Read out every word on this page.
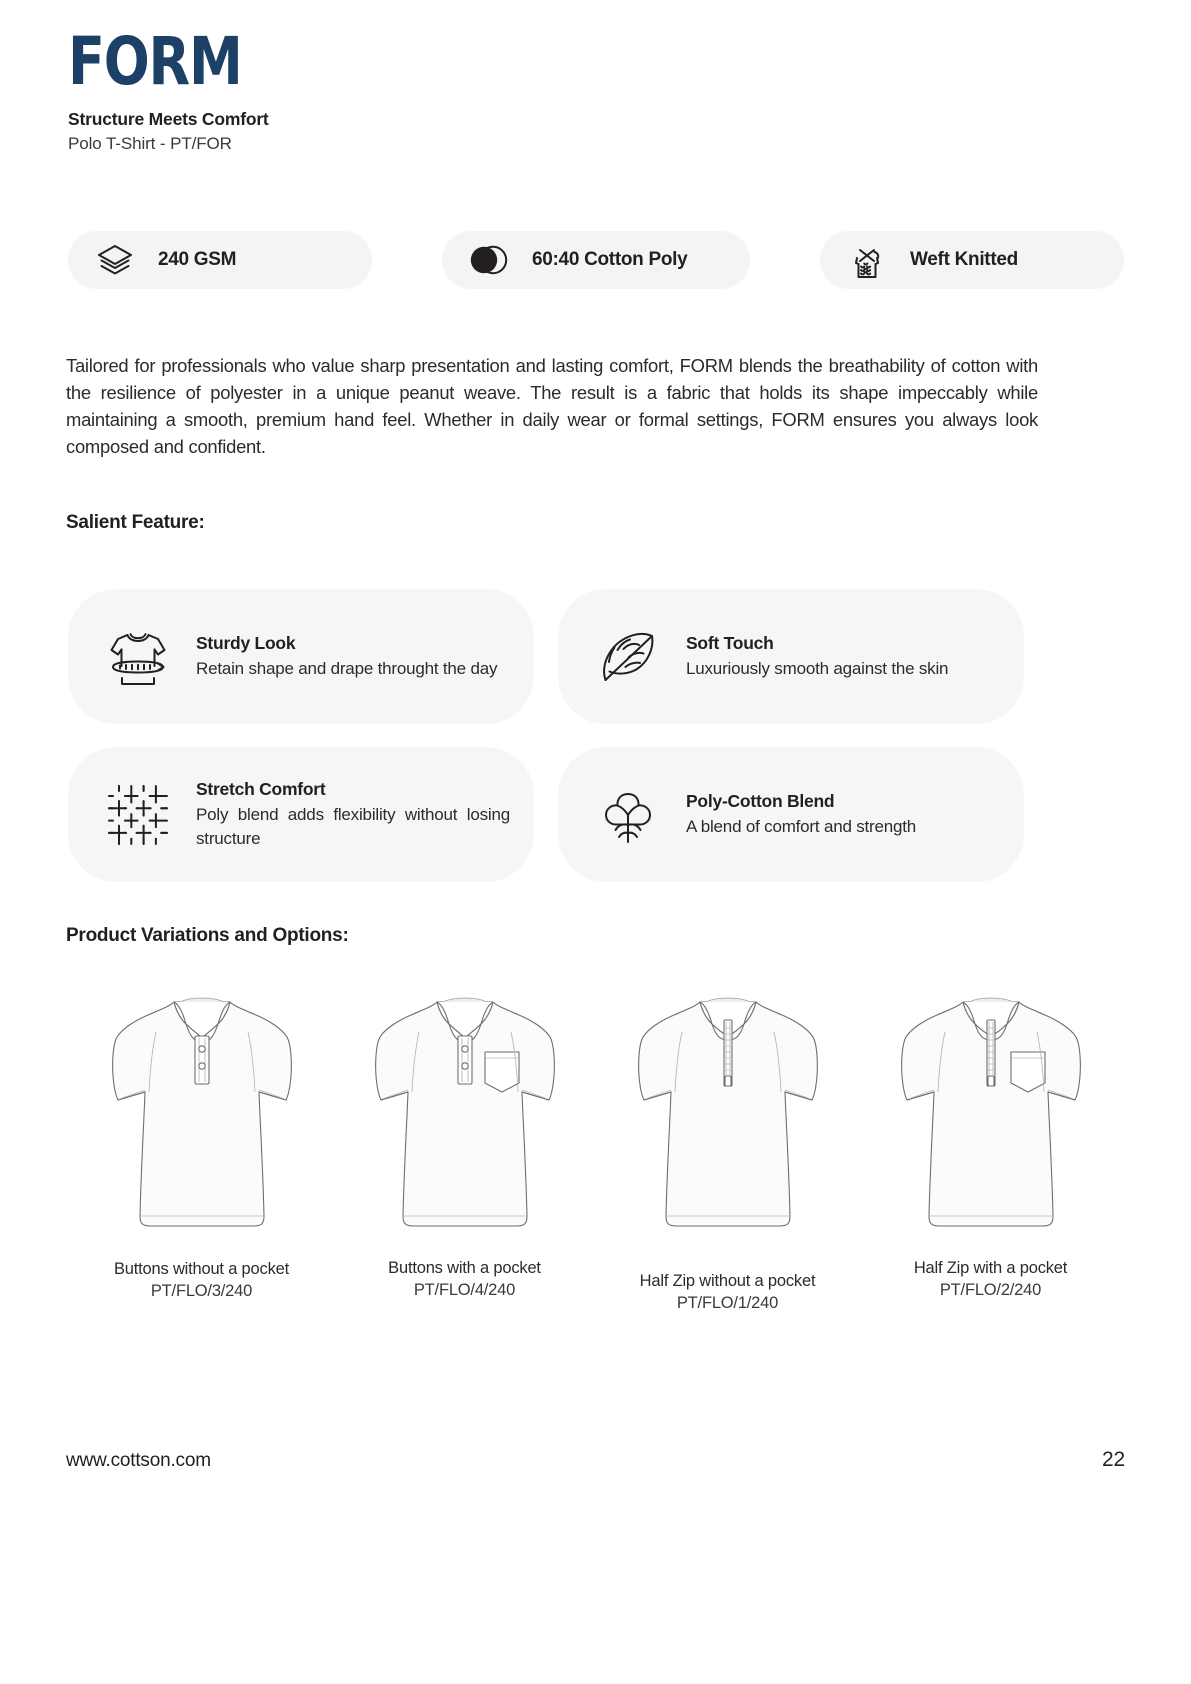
FORM
Structure Meets Comfort
Polo T-Shirt - PT/FOR
240 GSM	60:40 Cotton Poly	Weft Knitted

Tailored for professionals who value sharp presentation and lasting comfort, FORM blends the breathability of cotton with the resilience of polyester in a unique peanut weave. The result is a fabric that holds its shape impeccably while maintaining a smooth, premium hand feel. Whether in daily wear or formal settings, FORM ensures you always look composed and confident.

Salient Feature:
Sturdy Look
Retain shape and drape throught the day
Soft Touch
Luxuriously smooth against the skin
Stretch Comfort
Poly blend adds flexibility without losing structure
Poly-Cotton Blend
A blend of comfort and strength
Product Variations and Options:
Buttons without a pocket
PT/FLO/3/240
Buttons with a pocket
PT/FLO/4/240	Half Zip without a pocket
PT/FLO/1/240
Half Zip with a pocket
PT/FLO/2/240
www.cottson.com	22
